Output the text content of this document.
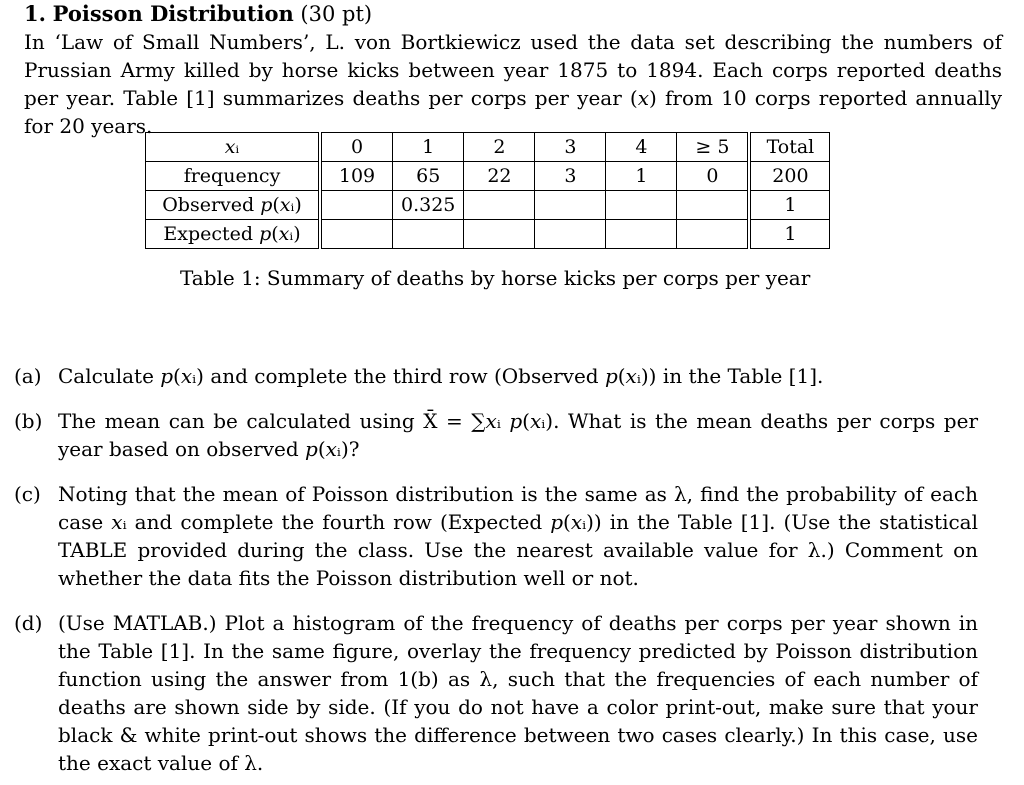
1. Poisson Distribution (30 pt)
In ‘Law of Small Numbers’, L. von Bortkiewicz used the data set describing the numbers of Prussian Army killed by horse kicks between year 1875 to 1894. Each corps reported deaths per year. Table [1] summarizes deaths per corps per year (𝑥) from 10 corps reported annually for 20 years.
𝑥ᵢ	0	1	2	3	4	≥ 5	Total
frequency	109	65	22	3	1	0	200
Observed 𝑝(𝑥ᵢ)		0.325					1
Expected 𝑝(𝑥ᵢ)							1
Table 1: Summary of deaths by horse kicks per corps per year
(a) Calculate 𝑝(𝑥ᵢ) and complete the third row (Observed 𝑝(𝑥ᵢ)) in the Table [1].
(b) The mean can be calculated using X̄ = ∑𝑥ᵢ 𝑝(𝑥ᵢ). What is the mean deaths per corps per year based on observed 𝑝(𝑥ᵢ)?
(c) Noting that the mean of Poisson distribution is the same as λ, find the probability of each case 𝑥ᵢ and complete the fourth row (Expected 𝑝(𝑥ᵢ)) in the Table [1]. (Use the statistical TABLE provided during the class. Use the nearest available value for λ.) Comment on whether the data fits the Poisson distribution well or not.
(d) (Use MATLAB.) Plot a histogram of the frequency of deaths per corps per year shown in the Table [1]. In the same figure, overlay the frequency predicted by Poisson distribution function using the answer from 1(b) as λ, such that the frequencies of each number of deaths are shown side by side. (If you do not have a color print-out, make sure that your black & white print-out shows the difference between two cases clearly.) In this case, use the exact value of λ.
